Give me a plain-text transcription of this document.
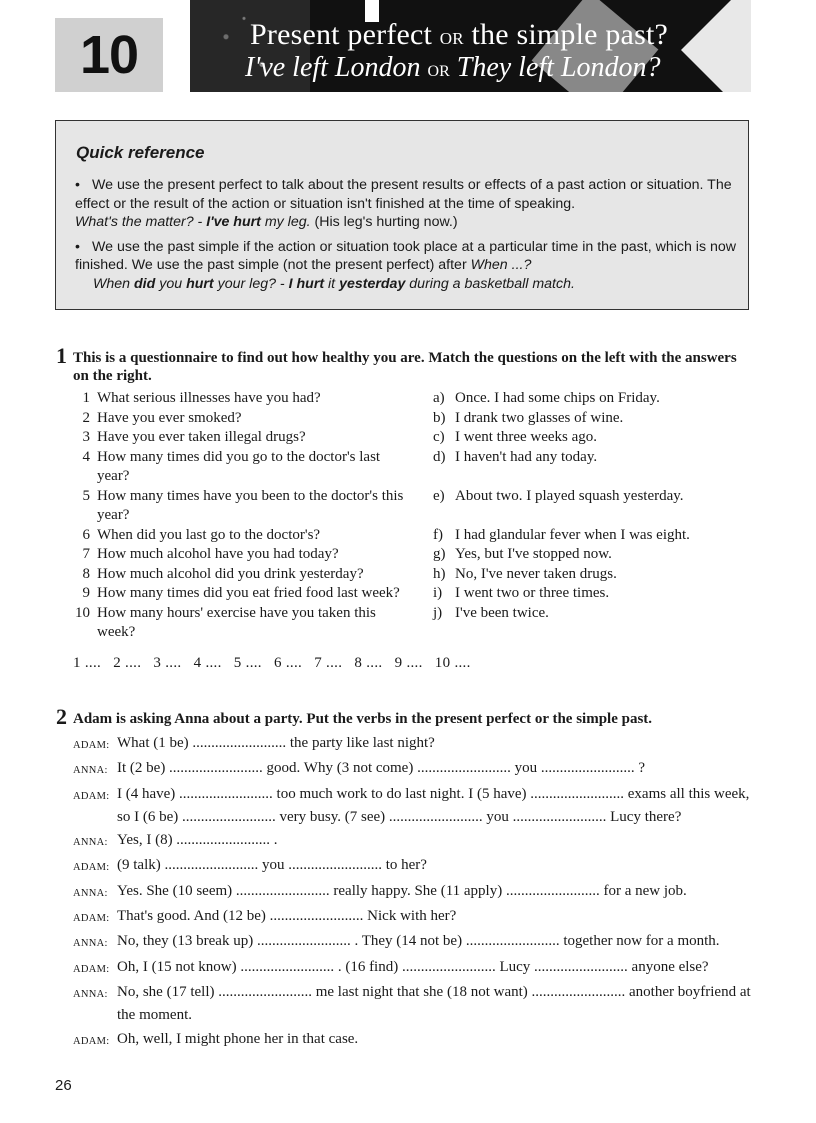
10	Present perfect or the simple past?
I've left London or They left London?
Quick reference

• We use the present perfect to talk about the present results or effects of a past action or situation. The effect or the result of the action or situation isn't finished at the time of speaking.

What's the matter? - I've hurt my leg. (His leg's hurting now.)

• We use the past simple if the action or situation took place at a particular time in the past, which is now finished. We use the past simple (not the present perfect) after When ...?

When did you hurt your leg? - I hurt it yesterday during a basketball match.

1 This is a questionnaire to find out how healthy you are. Match the questions on the left with the answers on the right.
1 What serious illnesses have you had?
2 Have you ever smoked?
3 Have you ever taken illegal drugs?
4 How many times did you go to the doctor's last year?
5 How many times have you been to the doctor's this year?
6 When did you last go to the doctor's?
7 How much alcohol have you had today?
8 How much alcohol did you drink yesterday?
9 How many times did you eat fried food last week?
10 How many hours' exercise have you taken this week?
a) Once. I had some chips on Friday.
b) I drank two glasses of wine.
c) I went three weeks ago.
d) I haven't had any today.
e) About two. I played squash yesterday.
f) I had glandular fever when I was eight.
g) Yes, but I've stopped now.
h) No, I've never taken drugs.
i) I went two or three times.
j) I've been twice.
1 ....   2 ....   3 ....   4 ....   5 ....   6 ....   7 ....   8 ....   9 ....   10 ....
2 Adam is asking Anna about a party. Put the verbs in the present perfect or the simple past.
ADAM: What (1 be) ......................... the party like last night?
ANNA: It (2 be) ......................... good. Why (3 not come) ......................... you ......................... ?
ADAM: I (4 have) ......................... too much work to do last night. I (5 have) ......................... exams all this week, so I (6 be) ......................... very busy. (7 see) ......................... you ......................... Lucy there?
ANNA: Yes, I (8) ......................... .
ADAM: (9 talk) ......................... you ......................... to her?
ANNA: Yes. She (10 seem) ......................... really happy. She (11 apply) ......................... for a new job.
ADAM: That's good. And (12 be) ......................... Nick with her?
ANNA: No, they (13 break up) ......................... . They (14 not be) ......................... together now for a month.
ADAM: Oh, I (15 not know) ......................... . (16 find) ......................... Lucy ......................... anyone else?
ANNA: No, she (17 tell) ......................... me last night that she (18 not want) ......................... another boyfriend at the moment.
ADAM: Oh, well, I might phone her in that case.
26
